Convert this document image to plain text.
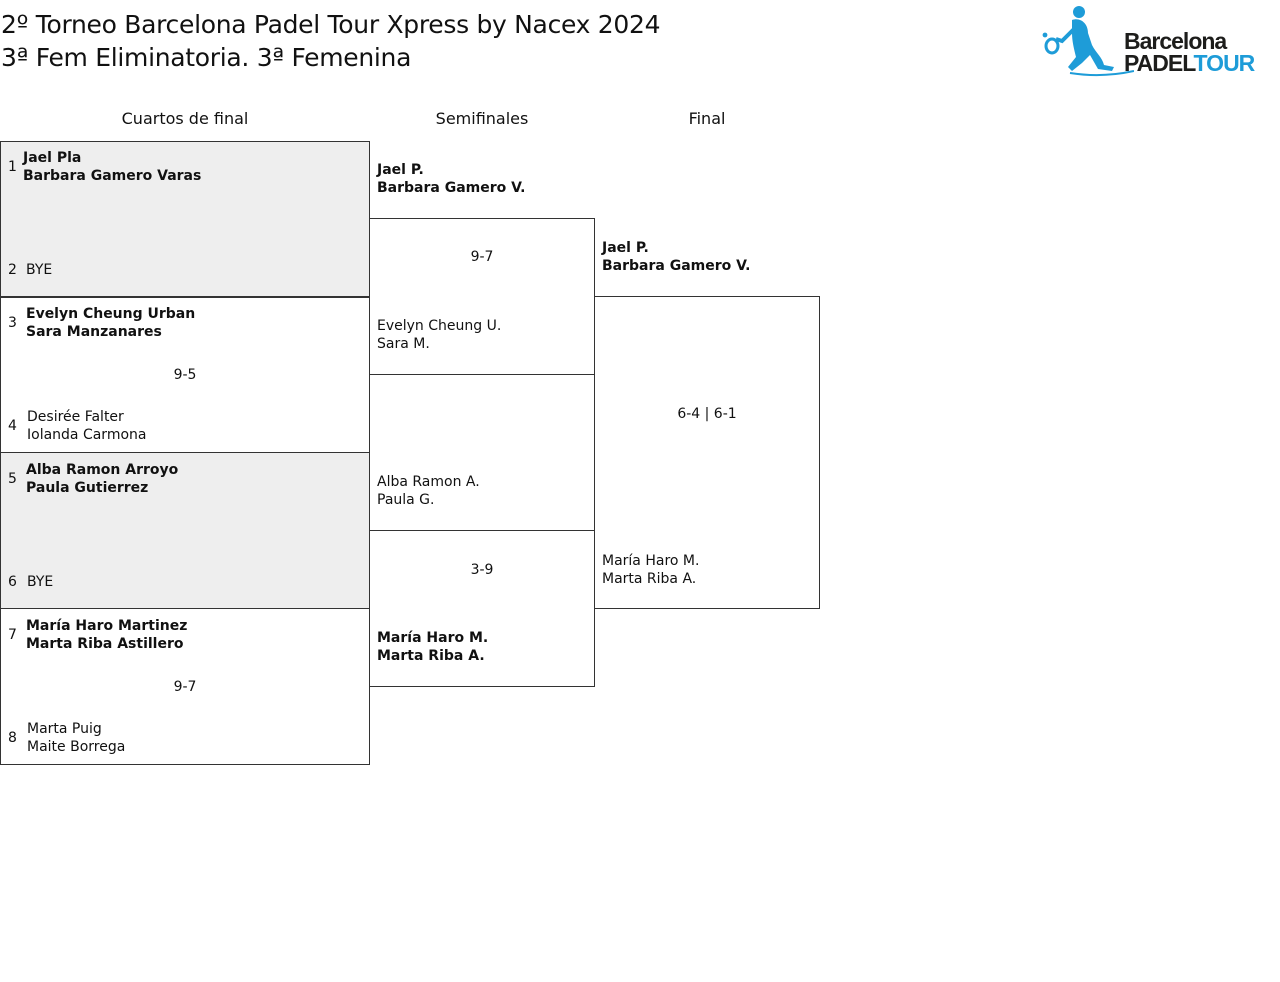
2º Torneo Barcelona Padel Tour Xpress by Nacex 2024
3ª Fem Eliminatoria. 3ª Femenina
Barcelona
PADELTOUR
Cuartos de final	Semifinales	Final
1
Jael Pla
Barbara Gamero Varas
2 BYE
3
Evelyn Cheung Urban
Sara Manzanares
9-5
4
Desirée Falter
Iolanda Carmona
5
Alba Ramon Arroyo
Paula Gutierrez
6 BYE
7
María Haro Martinez
Marta Riba Astillero
9-7
8
Marta Puig
Maite Borrega
Jael P.
Barbara Gamero V.
9-7
Evelyn Cheung U.
Sara M.
Alba Ramon A.
Paula G.
3-9
María Haro M.
Marta Riba A.
Jael P.
Barbara Gamero V.
6-4 | 6-1
María Haro M.
Marta Riba A.
